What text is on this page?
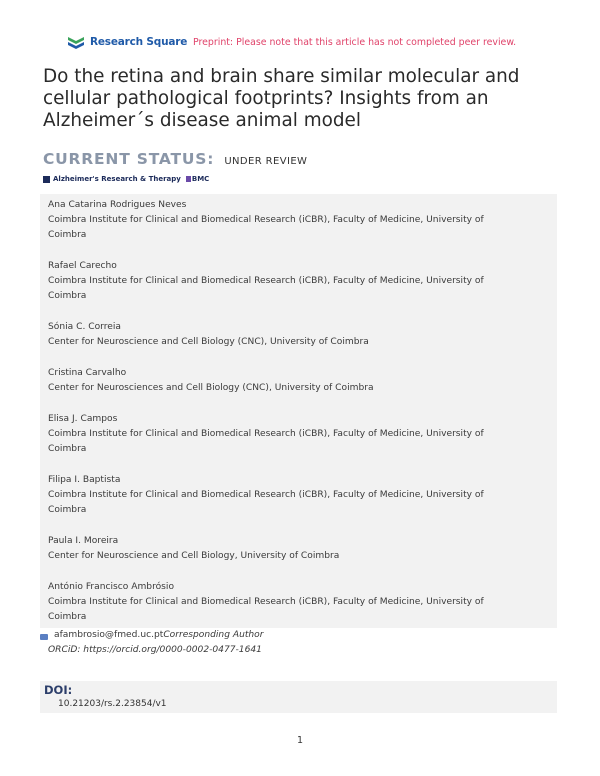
Research Square Preprint: Please note that this article has not completed peer review.
Do the retina and brain share similar molecular and cellular pathological footprints? Insights from an Alzheimer´s disease animal model
CURRENT STATUS: UNDER REVIEW
Alzheimer's Research & Therapy BMC
Ana Catarina Rodrigues Neves
Coimbra Institute for Clinical and Biomedical Research (iCBR), Faculty of Medicine, University of
Coimbra
Rafael Carecho
Coimbra Institute for Clinical and Biomedical Research (iCBR), Faculty of Medicine, University of
Coimbra
Sónia C. Correia
Center for Neuroscience and Cell Biology (CNC), University of Coimbra
Cristina Carvalho
Center for Neurosciences and Cell Biology (CNC), University of Coimbra
Elisa J. Campos
Coimbra Institute for Clinical and Biomedical Research (iCBR), Faculty of Medicine, University of
Coimbra
Filipa I. Baptista
Coimbra Institute for Clinical and Biomedical Research (iCBR), Faculty of Medicine, University of
Coimbra
Paula I. Moreira
Center for Neuroscience and Cell Biology, University of Coimbra
António Francisco Ambrósio
Coimbra Institute for Clinical and Biomedical Research (iCBR), Faculty of Medicine, University of
Coimbra
afambrosio@fmed.uc.ptCorresponding Author
ORCiD: https://orcid.org/0000-0002-0477-1641
DOI:
10.21203/rs.2.23854/v1
1
